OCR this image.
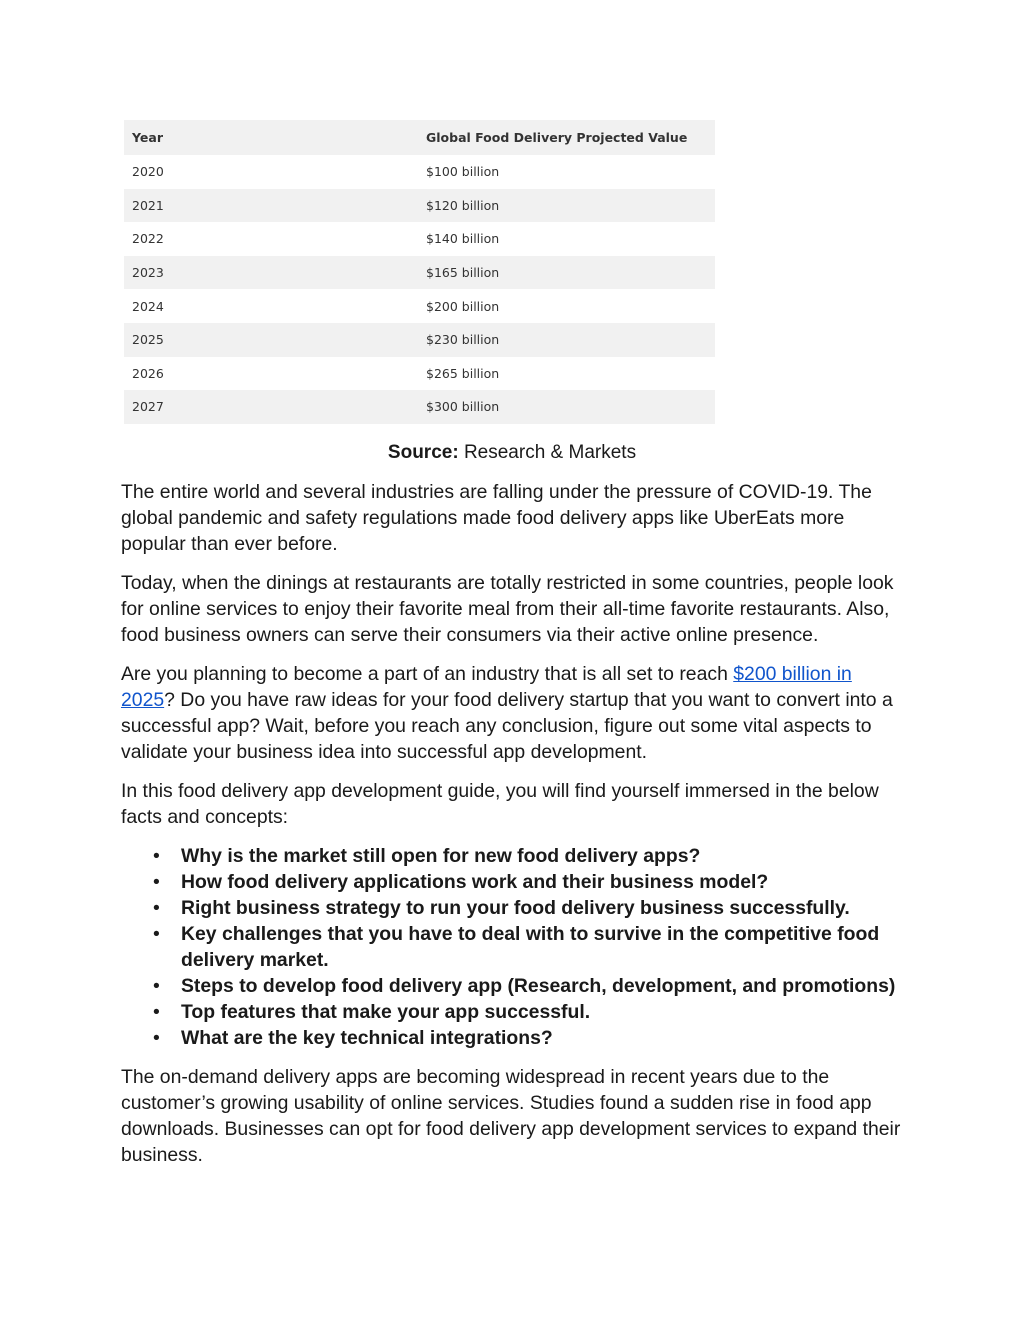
Year	Global Food Delivery Projected Value
2020	$100 billion
2021	$120 billion
2022	$140 billion
2023	$165 billion
2024	$200 billion
2025	$230 billion
2026	$265 billion
2027	$300 billion
Source: Research & Markets

The entire world and several industries are falling under the pressure of COVID-19. The global pandemic and safety regulations made food delivery apps like UberEats more popular than ever before.

Today, when the dinings at restaurants are totally restricted in some countries, people look for online services to enjoy their favorite meal from their all-time favorite restaurants. Also, food business owners can serve their consumers via their active online presence.

Are you planning to become a part of an industry that is all set to reach $200 billion in 2025? Do you have raw ideas for your food delivery startup that you want to convert into a successful app? Wait, before you reach any conclusion, figure out some vital aspects to validate your business idea into successful app development.

In this food delivery app development guide, you will find yourself immersed in the below facts and concepts:

• Why is the market still open for new food delivery apps?
• How food delivery applications work and their business model?
• Right business strategy to run your food delivery business successfully.
• Key challenges that you have to deal with to survive in the competitive food delivery market.
• Steps to develop food delivery app (Research, development, and promotions)
• Top features that make your app successful.
• What are the key technical integrations?

The on-demand delivery apps are becoming widespread in recent years due to the customer’s growing usability of online services. Studies found a sudden rise in food app downloads. Businesses can opt for food delivery app development services to expand their business.
